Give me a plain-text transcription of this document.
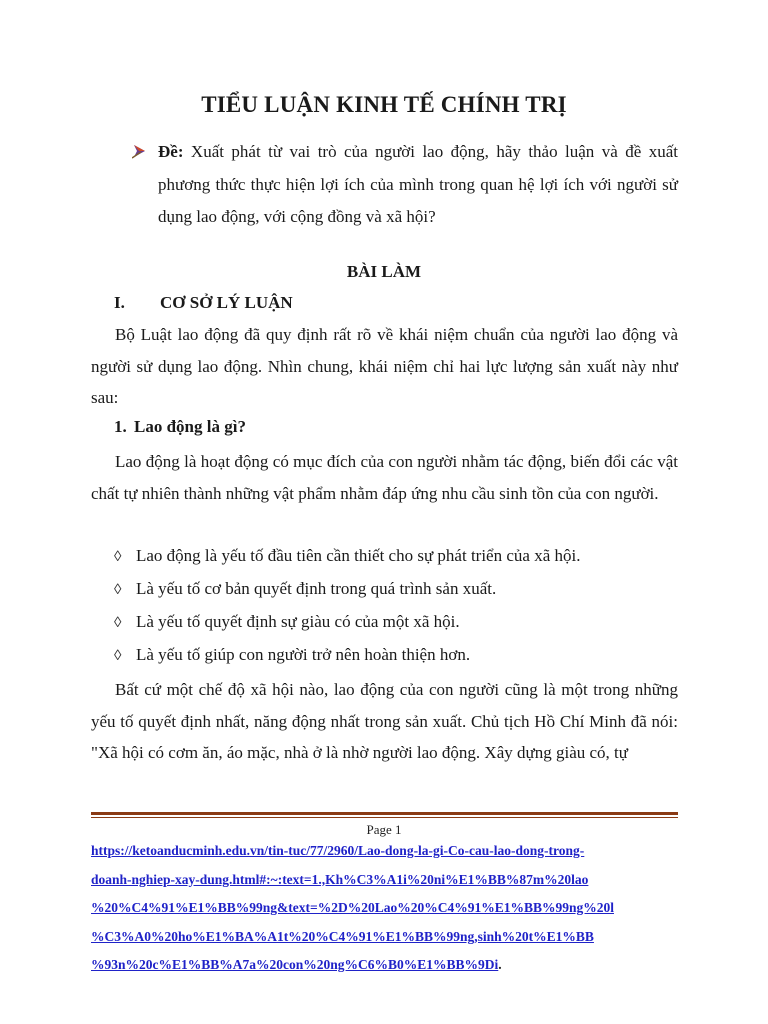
TIỂU LUẬN KINH TẾ CHÍNH TRỊ

Đề: Xuất phát từ vai trò của người lao động, hãy thảo luận và đề xuất phương thức thực hiện lợi ích của mình trong quan hệ lợi ích với người sử dụng lao động, với cộng đồng và xã hội?

BÀI LÀM
I. CƠ SỞ LÝ LUẬN

Bộ Luật lao động đã quy định rất rõ về khái niệm chuẩn của người lao động và người sử dụng lao động. Nhìn chung, khái niệm chỉ hai lực lượng sản xuất này như sau:

1. Lao động là gì?

Lao động là hoạt động có mục đích của con người nhằm tác động, biến đổi các vật chất tự nhiên thành những vật phẩm nhằm đáp ứng nhu cầu sinh tồn của con người.

◊ Lao động là yếu tố đầu tiên cần thiết cho sự phát triển của xã hội.
◊ Là yếu tố cơ bản quyết định trong quá trình sản xuất.
◊ Là yếu tố quyết định sự giàu có của một xã hội.
◊ Là yếu tố giúp con người trở nên hoàn thiện hơn.

Bất cứ một chế độ xã hội nào, lao động của con người cũng là một trong những yếu tố quyết định nhất, năng động nhất trong sản xuất. Chủ tịch Hồ Chí Minh đã nói: "Xã hội có cơm ăn, áo mặc, nhà ở là nhờ người lao động. Xây dựng giàu có, tự

Page 1
https://ketoanducminh.edu.vn/tin-tuc/77/2960/Lao-dong-la-gi-Co-cau-lao-dong-trong-
doanh-nghiep-xay-dung.html#:~:text=1.,Kh%C3%A1i%20ni%E1%BB%87m%20lao
%20%C4%91%E1%BB%99ng&text=%2D%20Lao%20%C4%91%E1%BB%99ng%20l
%C3%A0%20ho%E1%BA%A1t%20%C4%91%E1%BB%99ng,sinh%20t%E1%BB
%93n%20c%E1%BB%A7a%20con%20ng%C6%B0%E1%BB%9Di.
